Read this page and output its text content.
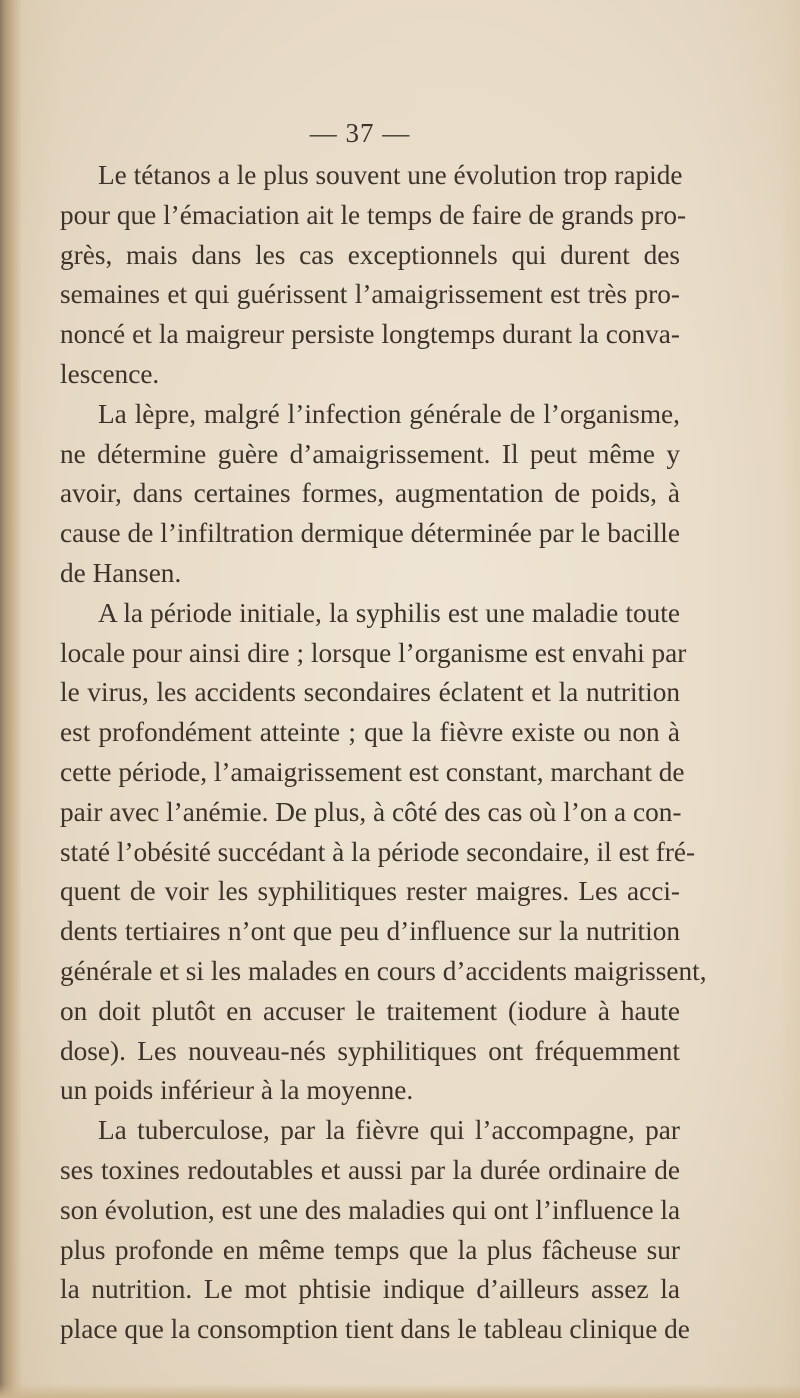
— 37 —
Le tétanos a le plus souvent une évolution trop rapide
pour que l’émaciation ait le temps de faire de grands pro-
grès, mais dans les cas exceptionnels qui durent des
semaines et qui guérissent l’amaigrissement est très pro-
noncé et la maigreur persiste longtemps durant la conva-
lescence.
La lèpre, malgré l’infection générale de l’organisme,
ne détermine guère d’amaigrissement. Il peut même y
avoir, dans certaines formes, augmentation de poids, à
cause de l’infiltration dermique déterminée par le bacille
de Hansen.
A la période initiale, la syphilis est une maladie toute
locale pour ainsi dire ; lorsque l’organisme est envahi par
le virus, les accidents secondaires éclatent et la nutrition
est profondément atteinte ; que la fièvre existe ou non à
cette période, l’amaigrissement est constant, marchant de
pair avec l’anémie. De plus, à côté des cas où l’on a con-
staté l’obésité succédant à la période secondaire, il est fré-
quent de voir les syphilitiques rester maigres. Les acci-
dents tertiaires n’ont que peu d’influence sur la nutrition
générale et si les malades en cours d’accidents maigrissent,
on doit plutôt en accuser le traitement (iodure à haute
dose). Les nouveau-nés syphilitiques ont fréquemment
un poids inférieur à la moyenne.
La tuberculose, par la fièvre qui l’accompagne, par
ses toxines redoutables et aussi par la durée ordinaire de
son évolution, est une des maladies qui ont l’influence la
plus profonde en même temps que la plus fâcheuse sur
la nutrition. Le mot phtisie indique d’ailleurs assez la
place que la consomption tient dans le tableau clinique de
